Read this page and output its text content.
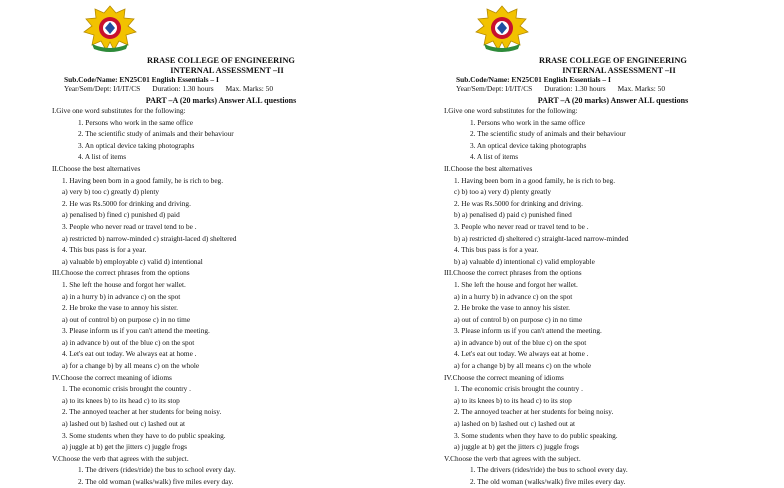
RRASE COLLEGE OF ENGINEERING
INTERNAL ASSESSMENT –II
Sub.Code/Name: EN25C01 English Essentials – I
Year/Sem/Dept: I/I/IT/CS Duration: 1.30 hours Max. Marks: 50
PART –A (20 marks) Answer ALL questions
I.Give one word substitutes for the following:
1. Persons who work in the same office
2. The scientific study of animals and their behaviour
3. An optical device taking photographs
4. A list of items
II.Choose the best alternatives
1. Having been born in a good family, he is rich to beg.
a) very b) too c) greatly d) plenty
2. He was Rs.5000 for drinking and driving.
a) penalised b) fined c) punished d) paid
3. People who never read or travel tend to be .
a) restricted b) narrow-minded c) straight-laced d) sheltered
4. This bus pass is for a year.
a) valuable b) employable c) valid d) intentional
III.Choose the correct phrases from the options
1. She left the house and forgot her wallet.
a) in a hurry b) in advance c) on the spot
2. He broke the vase to annoy his sister.
a) out of control b) on purpose c) in no time
3. Please inform us if you can't attend the meeting.
a) in advance b) out of the blue c) on the spot
4. Let's eat out today. We always eat at home .
a) for a change b) by all means c) on the whole
IV.Choose the correct meaning of idioms
1. The economic crisis brought the country .
a) to its knees b) to its head c) to its stop
2. The annoyed teacher at her students for being noisy.
a) lashed out b) lashed out c) lashed out at
3. Some students when they have to do public speaking.
a) juggle at b) get the jitters c) juggle frogs
V.Choose the verb that agrees with the subject.
1. The drivers (rides/ride) the bus to school every day.
2. The old woman (walks/walk) five miles every day.
RRASE COLLEGE OF ENGINEERING
INTERNAL ASSESSMENT –II
Sub.Code/Name: EN25C01 English Essentials – I
Year/Sem/Dept: I/I/IT/CS Duration: 1.30 hours Max. Marks: 50
PART –A (20 marks) Answer ALL questions
I.Give one word substitutes for the following:
1. Persons who work in the same office
2. The scientific study of animals and their behaviour
3. An optical device taking photographs
4. A list of items
II.Choose the best alternatives
1. Having been born in a good family, he is rich to beg.
c) b) too a) very d) plenty greatly
2. He was Rs.5000 for drinking and driving.
b) a) penalised d) paid c) punished fined
3. People who never read or travel tend to be .
b) a) restricted d) sheltered c) straight-laced narrow-minded
4. This bus pass is for a year.
b) a) valuable d) intentional c) valid employable
III.Choose the correct phrases from the options
1. She left the house and forgot her wallet.
a) in a hurry b) in advance c) on the spot
2. He broke the vase to annoy his sister.
a) out of control b) on purpose c) in no time
3. Please inform us if you can't attend the meeting.
a) in advance b) out of the blue c) on the spot
4. Let's eat out today. We always eat at home .
a) for a change b) by all means c) on the whole
IV.Choose the correct meaning of idioms
1. The economic crisis brought the country .
a) to its knees b) to its head c) to its stop
2. The annoyed teacher at her students for being noisy.
a) lashed on b) lashed out c) lashed out at
3. Some students when they have to do public speaking.
a) juggle at b) get the jitters c) juggle frogs
V.Choose the verb that agrees with the subject.
1. The drivers (rides/ride) the bus to school every day.
2. The old woman (walks/walk) five miles every day.
